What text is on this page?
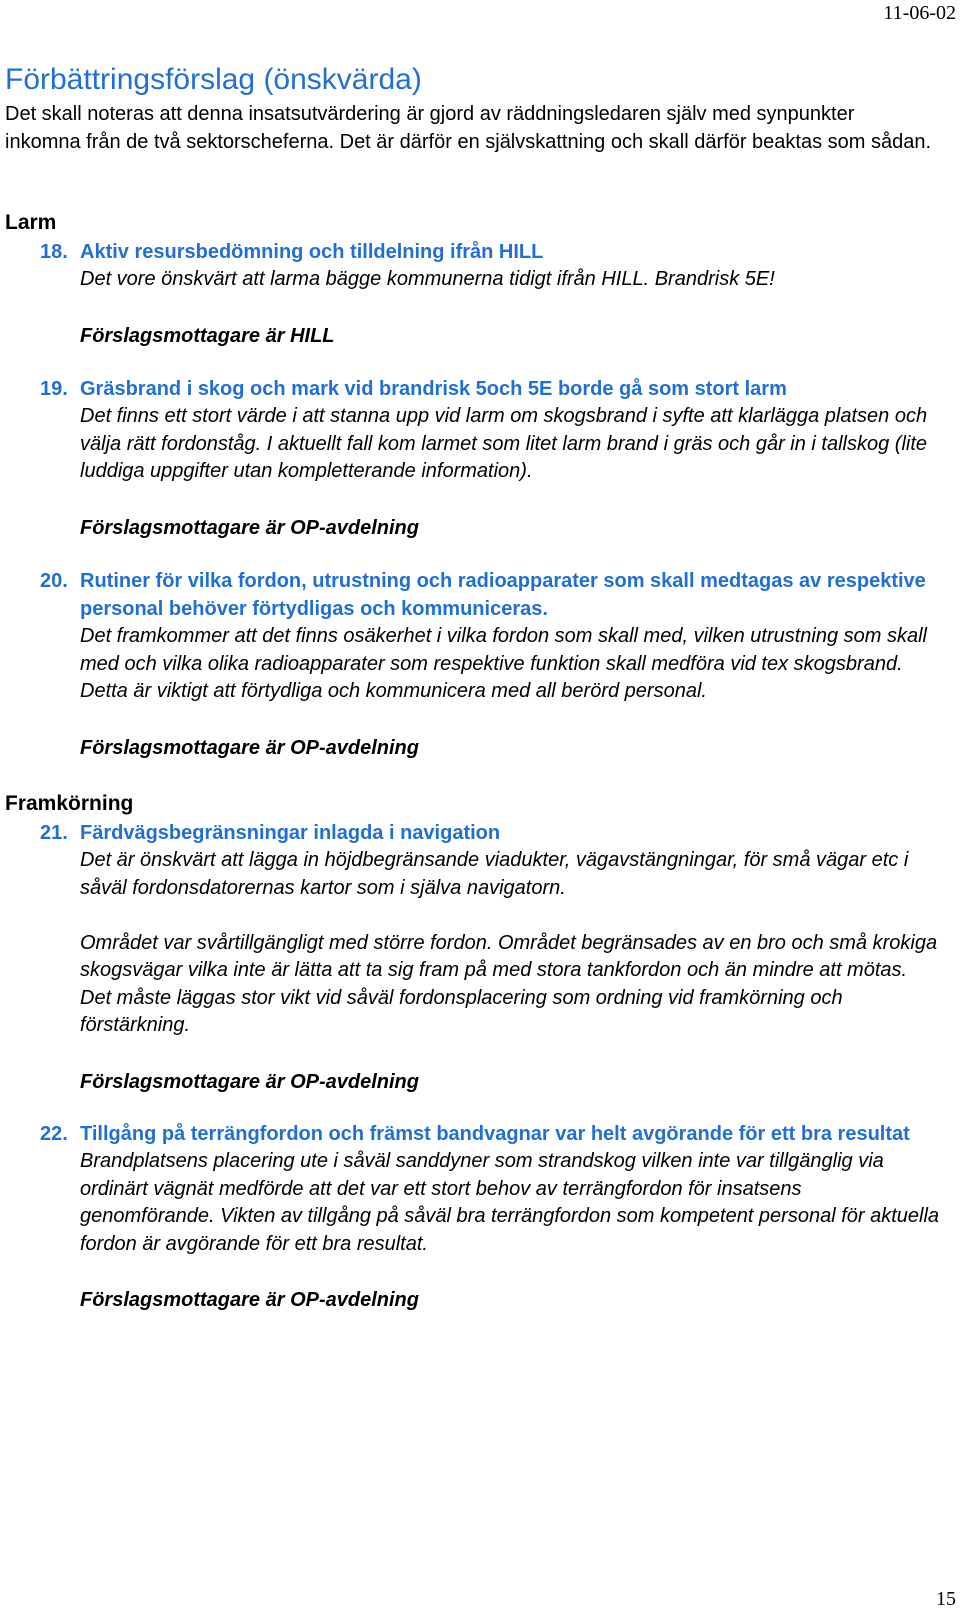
11-06-02
Förbättringsförslag (önskvärda)

Det skall noteras att denna insatsutvärdering är gjord av räddningsledaren själv med synpunkter inkomna från de två sektorscheferna. Det är därför en självskattning och skall därför beaktas som sådan.

Larm
18. Aktiv resursbedömning och tilldelning ifrån HILL

Det vore önskvärt att larma bägge kommunerna tidigt ifrån HILL. Brandrisk 5E!

Förslagsmottagare är HILL

19. Gräsbrand i skog och mark vid brandrisk 5och 5E borde gå som stort larm

Det finns ett stort värde i att stanna upp vid larm om skogsbrand i syfte att klarlägga platsen och välja rätt fordonståg. I aktuellt fall kom larmet som litet larm brand i gräs och går in i tallskog (lite luddiga uppgifter utan kompletterande information).

Förslagsmottagare är OP-avdelning

20. Rutiner för vilka fordon, utrustning och radioapparater som skall medtagas av respektive personal behöver förtydligas och kommuniceras.

Det framkommer att det finns osäkerhet i vilka fordon som skall med, vilken utrustning som skall med och vilka olika radioapparater som respektive funktion skall medföra vid tex skogsbrand. Detta är viktigt att förtydliga och kommunicera med all berörd personal.

Förslagsmottagare är OP-avdelning

Framkörning
21. Färdvägsbegränsningar inlagda i navigation

Det är önskvärt att lägga in höjdbegränsande viadukter, vägavstängningar, för små vägar etc i såväl fordonsdatorernas kartor som i själva navigatorn.

Området var svårtillgängligt med större fordon. Området begränsades av en bro och små krokiga skogsvägar vilka inte är lätta att ta sig fram på med stora tankfordon och än mindre att mötas. Det måste läggas stor vikt vid såväl fordonsplacering som ordning vid framkörning och förstärkning.

Förslagsmottagare är OP-avdelning

22. Tillgång på terrängfordon och främst bandvagnar var helt avgörande för ett bra resultat

Brandplatsens placering ute i såväl sanddyner som strandskog vilken inte var tillgänglig via ordinärt vägnät medförde att det var ett stort behov av terrängfordon för insatsens genomförande. Vikten av tillgång på såväl bra terrängfordon som kompetent personal för aktuella fordon är avgörande för ett bra resultat.

Förslagsmottagare är OP-avdelning

15
